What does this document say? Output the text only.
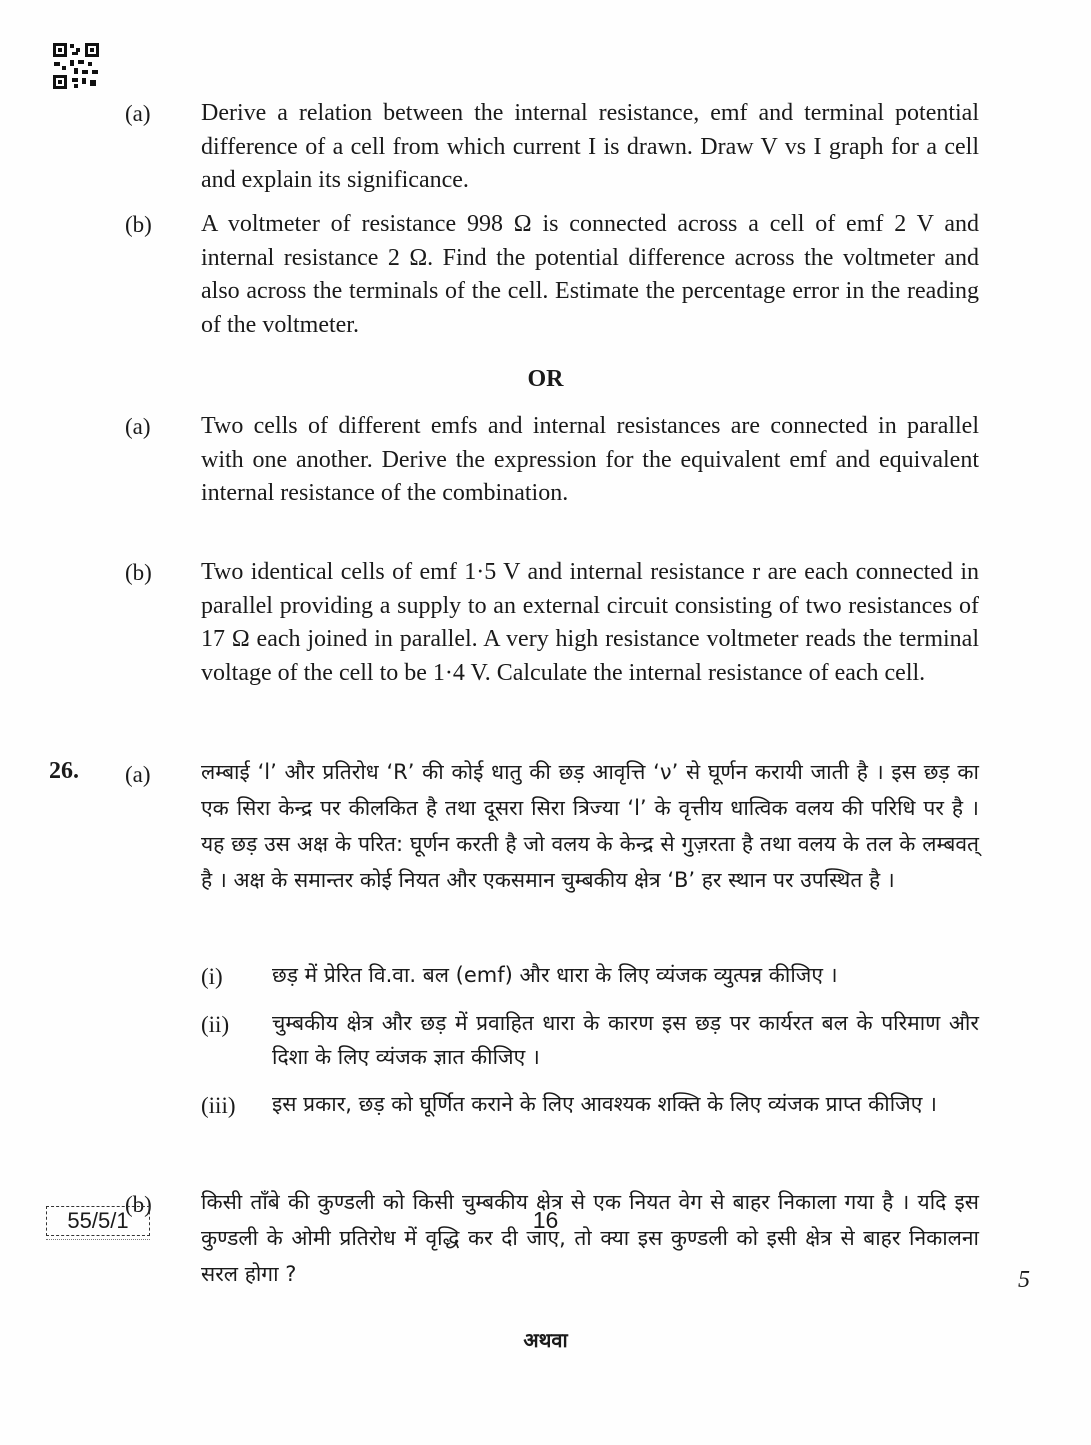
(a) Derive a relation between the internal resistance, emf and terminal potential difference of a cell from which current I is drawn. Draw V vs I graph for a cell and explain its significance.
(b) A voltmeter of resistance 998 Ω is connected across a cell of emf 2 V and internal resistance 2 Ω. Find the potential difference across the voltmeter and also across the terminals of the cell. Estimate the percentage error in the reading of the voltmeter.
OR
(a) Two cells of different emfs and internal resistances are connected in parallel with one another. Derive the expression for the equivalent emf and equivalent internal resistance of the combination.
(b) Two identical cells of emf 1·5 V and internal resistance r are each connected in parallel providing a supply to an external circuit consisting of two resistances of 17 Ω each joined in parallel. A very high resistance voltmeter reads the terminal voltage of the cell to be 1·4 V. Calculate the internal resistance of each cell.
26. (a) लम्बाई ‘l’ और प्रतिरोध ‘R’ की कोई धातु की छड़ आवृत्ति ‘ν’ से घूर्णन करायी जाती है । इस छड़ का एक सिरा केन्द्र पर कीलकित है तथा दूसरा सिरा त्रिज्या ‘l’ के वृत्तीय धात्विक वलय की परिधि पर है । यह छड़ उस अक्ष के परित: घूर्णन करती है जो वलय के केन्द्र से गुज़रता है तथा वलय के तल के लम्बवत् है । अक्ष के समान्तर कोई नियत और एकसमान चुम्बकीय क्षेत्र ‘B’ हर स्थान पर उपस्थित है ।
(i) छड़ में प्रेरित वि.वा. बल (emf) और धारा के लिए व्यंजक व्युत्पन्न कीजिए ।
(ii) चुम्बकीय क्षेत्र और छड़ में प्रवाहित धारा के कारण इस छड़ पर कार्यरत बल के परिमाण और दिशा के लिए व्यंजक ज्ञात कीजिए ।
(iii) इस प्रकार, छड़ को घूर्णित कराने के लिए आवश्यक शक्ति के लिए व्यंजक प्राप्त कीजिए ।
(b) किसी ताँबे की कुण्डली को किसी चुम्बकीय क्षेत्र से एक नियत वेग से बाहर निकाला गया है । यदि इस कुण्डली के ओमी प्रतिरोध में वृद्धि कर दी जाए, तो क्या इस कुण्डली को इसी क्षेत्र से बाहर निकालना सरल होगा ?	5
अथवा
55/5/1	16
